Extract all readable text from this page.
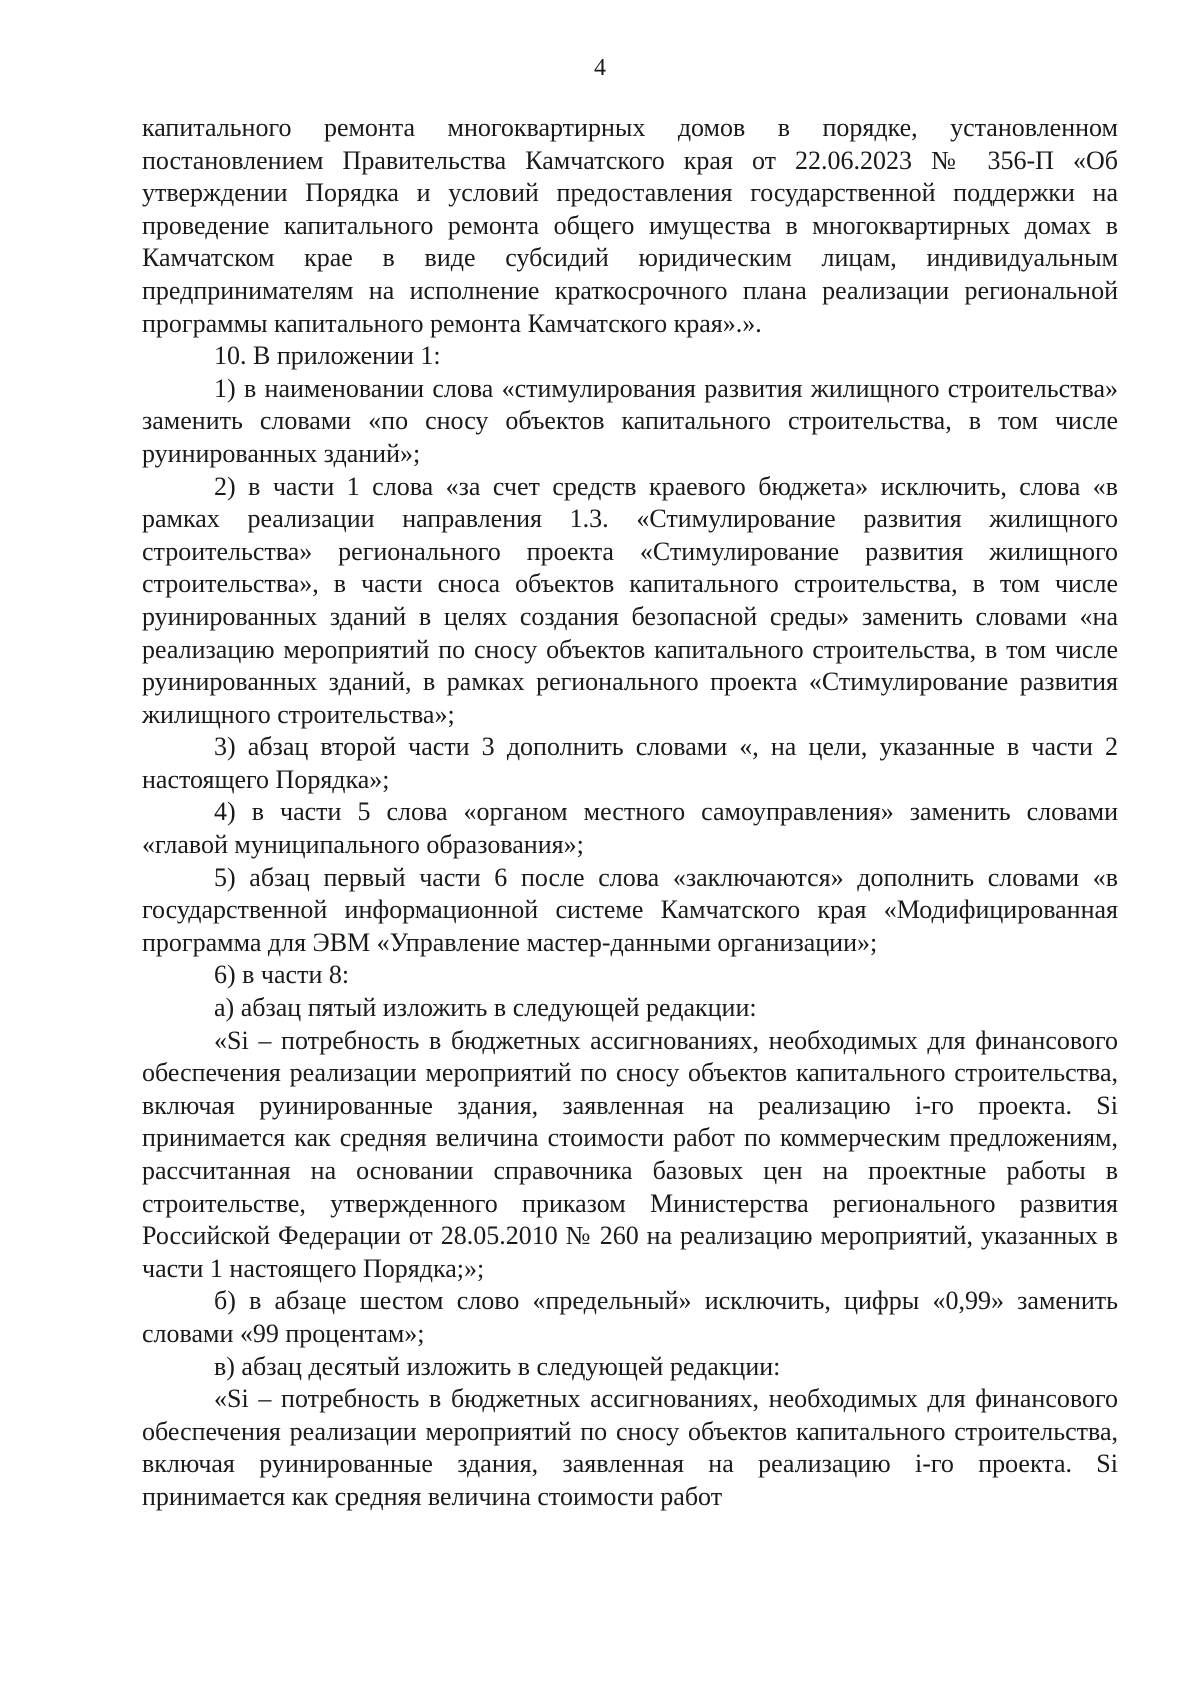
4

капитального ремонта многоквартирных домов в порядке, установленном постановлением Правительства Камчатского края от 22.06.2023 № 356-П «Об утверждении Порядка и условий предоставления государственной поддержки на проведение капитального ремонта общего имущества в многоквартирных домах в Камчатском крае в виде субсидий юридическим лицам, индивидуальным предпринимателям на исполнение краткосрочного плана реализации региональной программы капитального ремонта Камчатского края».».

10. В приложении 1:

1) в наименовании слова «стимулирования развития жилищного строительства» заменить словами «по сносу объектов капитального строительства, в том числе руинированных зданий»;

2) в части 1 слова «за счет средств краевого бюджета» исключить, слова «в рамках реализации направления 1.3. «Стимулирование развития жилищного строительства» регионального проекта «Стимулирование развития жилищного строительства», в части сноса объектов капитального строительства, в том числе руинированных зданий в целях создания безопасной среды» заменить словами «на реализацию мероприятий по сносу объектов капитального строительства, в том числе руинированных зданий, в рамках регионального проекта «Стимулирование развития жилищного строительства»;

3) абзац второй части 3 дополнить словами «, на цели, указанные в части 2 настоящего Порядка»;

4) в части 5 слова «органом местного самоуправления» заменить словами «главой муниципального образования»;

5) абзац первый части 6 после слова «заключаются» дополнить словами «в государственной информационной системе Камчатского края «Модифицированная программа для ЭВМ «Управление мастер-данными организации»;

6) в части 8:

а) абзац пятый изложить в следующей редакции:

«Si – потребность в бюджетных ассигнованиях, необходимых для финансового обеспечения реализации мероприятий по сносу объектов капитального строительства, включая руинированные здания, заявленная на реализацию i-го проекта. Si принимается как средняя величина стоимости работ по коммерческим предложениям, рассчитанная на основании справочника базовых цен на проектные работы в строительстве, утвержденного приказом Министерства регионального развития Российской Федерации от 28.05.2010 № 260 на реализацию мероприятий, указанных в части 1 настоящего Порядка;»;

б) в абзаце шестом слово «предельный» исключить, цифры «0,99» заменить словами «99 процентам»;

в) абзац десятый изложить в следующей редакции:

«Si – потребность в бюджетных ассигнованиях, необходимых для финансового обеспечения реализации мероприятий по сносу объектов капитального строительства, включая руинированные здания, заявленная на реализацию i-го проекта. Si принимается как средняя величина стоимости работ
